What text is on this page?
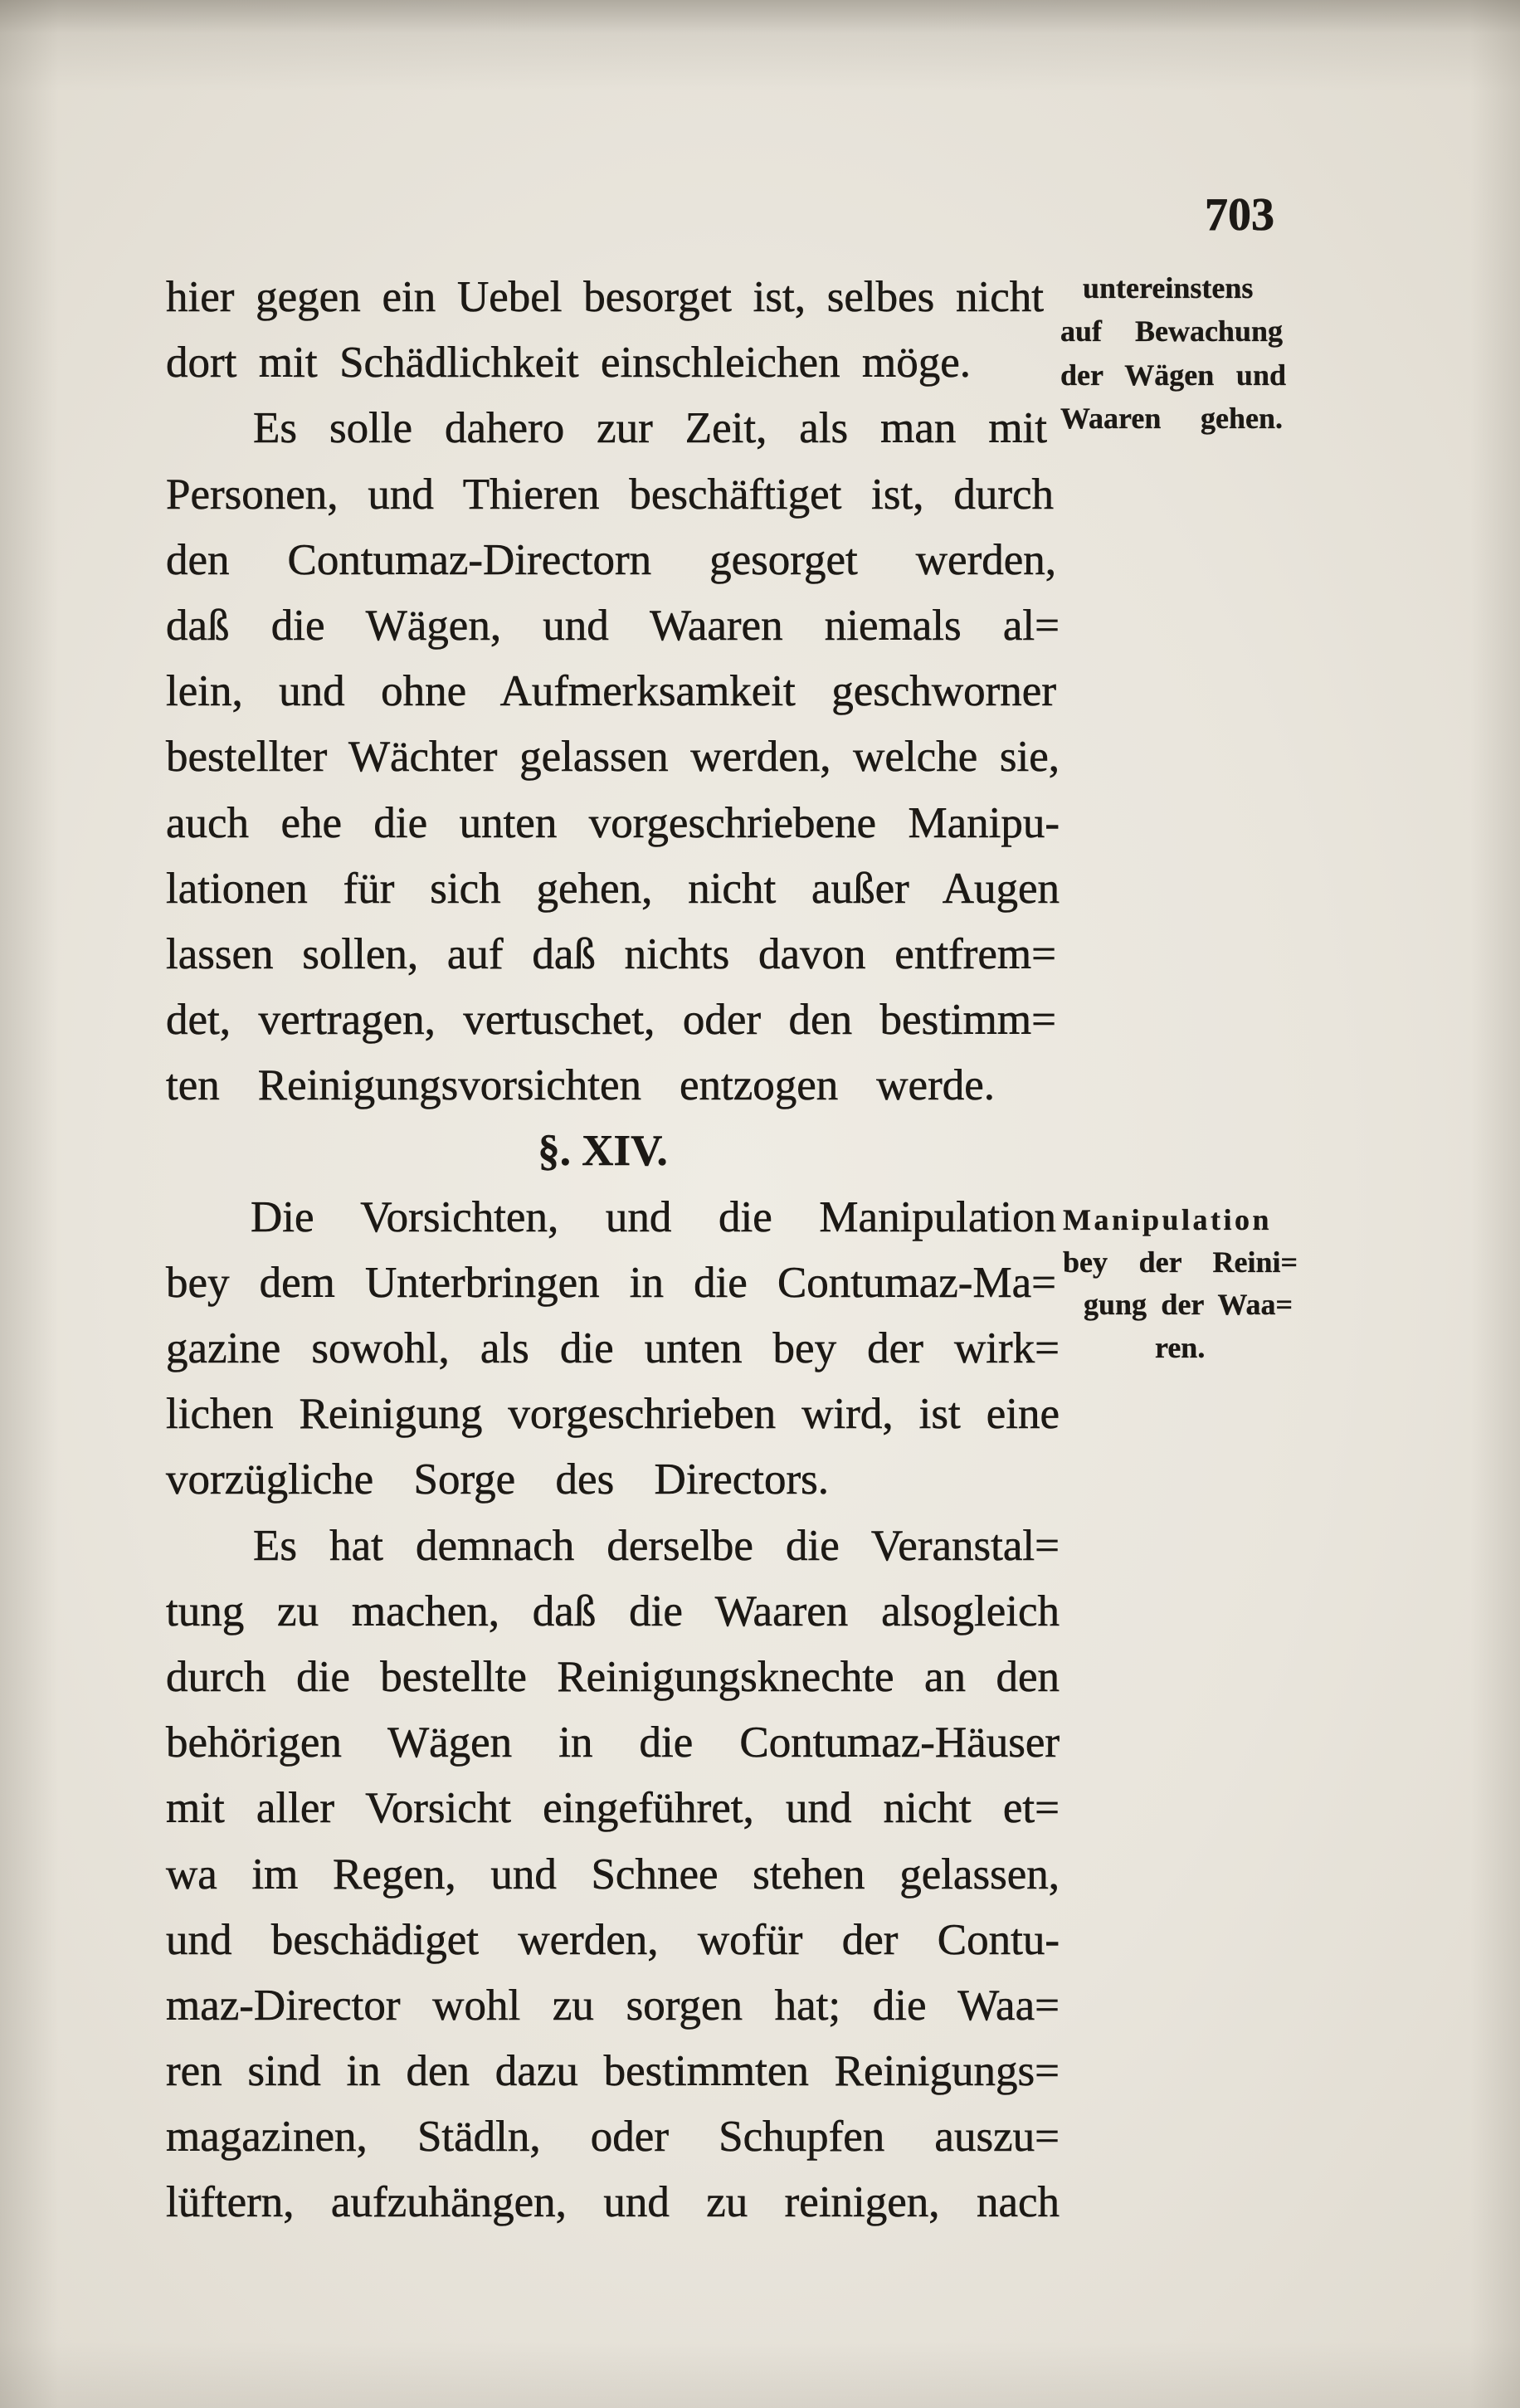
703
hier gegen ein Uebel besorget ist, selbes nicht
dort mit Schädlichkeit einschleichen möge.
Es solle dahero zur Zeit, als man mit
Personen, und Thieren beschäftiget ist, durch
den Contumaz-Directorn gesorget werden,
daß die Wägen, und Waaren niemals al=
lein, und ohne Aufmerksamkeit geschworner
bestellter Wächter gelassen werden, welche sie,
auch ehe die unten vorgeschriebene Manipu-
lationen für sich gehen, nicht außer Augen
lassen sollen, auf daß nichts davon entfrem=
det, vertragen, vertuschet, oder den bestimm=
ten Reinigungsvorsichten entzogen werde.
§. XIV.
Die Vorsichten, und die Manipulation
bey dem Unterbringen in die Contumaz-Ma=
gazine sowohl, als die unten bey der wirk=
lichen Reinigung vorgeschrieben wird, ist eine
vorzügliche Sorge des Directors.
Es hat demnach derselbe die Veranstal=
tung zu machen, daß die Waaren alsogleich
durch die bestellte Reinigungsknechte an den
behörigen Wägen in die Contumaz-Häuser
mit aller Vorsicht eingeführet, und nicht et=
wa im Regen, und Schnee stehen gelassen,
und beschädiget werden, wofür der Contu-
maz-Director wohl zu sorgen hat; die Waa=
ren sind in den dazu bestimmten Reinigungs=
magazinen, Städln, oder Schupfen auszu=
lüftern, aufzuhängen, und zu reinigen, nach
untereinstens
auf Bewachung
der Wägen und
Waaren gehen.
Manipulation
bey der Reini=
gung der Waa=
ren.
